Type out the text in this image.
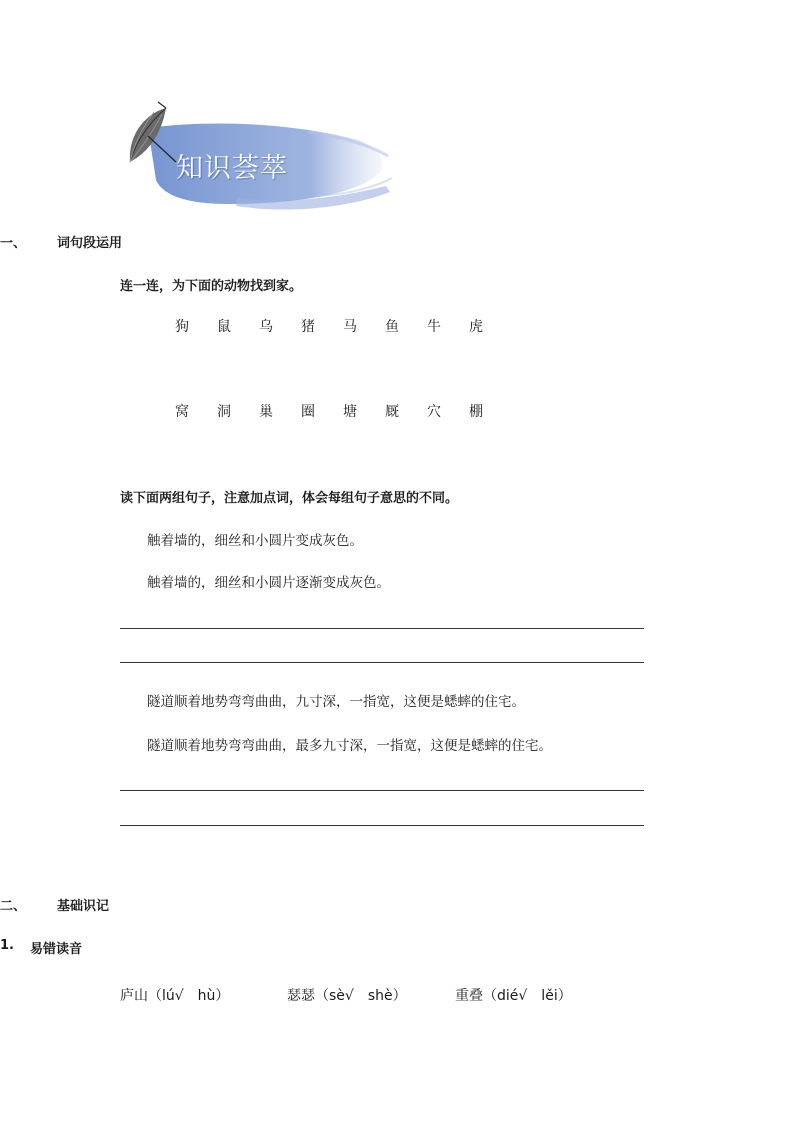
知识荟萃
一、 词句段运用
连一连，为下面的动物找到家。
狗	鼠	乌	猪	马	鱼	牛	虎
窝	洞	巢	圈	塘	厩	穴	棚
读下面两组句子，注意加点词，体会每组句子意思的不同。
触着墙的，细丝和小圆片变成灰色。
触着墙的，细丝和小圆片逐渐变成灰色。
隧道顺着地势弯弯曲曲，九寸深，一指宽，这便是蟋蟀的住宅。
隧道顺着地势弯弯曲曲，最多九寸深，一指宽，这便是蟋蟀的住宅。
二、 基础识记
1. 易错读音
庐山（lú√　hù）	瑟瑟（sè√　shè）	重叠（dié√　lěi）
